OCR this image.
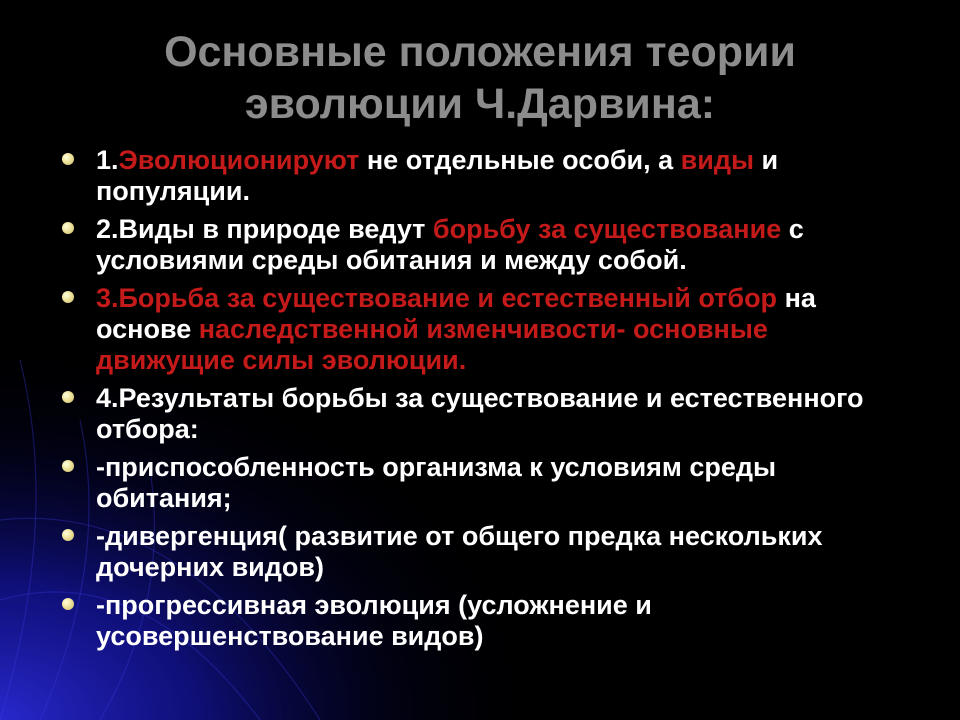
Основные положения теории
эволюции Ч.Дарвина:
1.Эволюционируют не отдельные особи, а виды и популяции.
2.Виды в природе ведут борьбу за существование с условиями среды обитания и между собой.
3.Борьба за существование и естественный отбор на основе наследственной изменчивости- основные движущие силы эволюции.
4.Результаты борьбы за существование и естественного отбора:
-приспособленность организма к условиям среды обитания;
-дивергенция( развитие от общего предка нескольких дочерних видов)
-прогрессивная эволюция (усложнение и усовершенствование видов)
